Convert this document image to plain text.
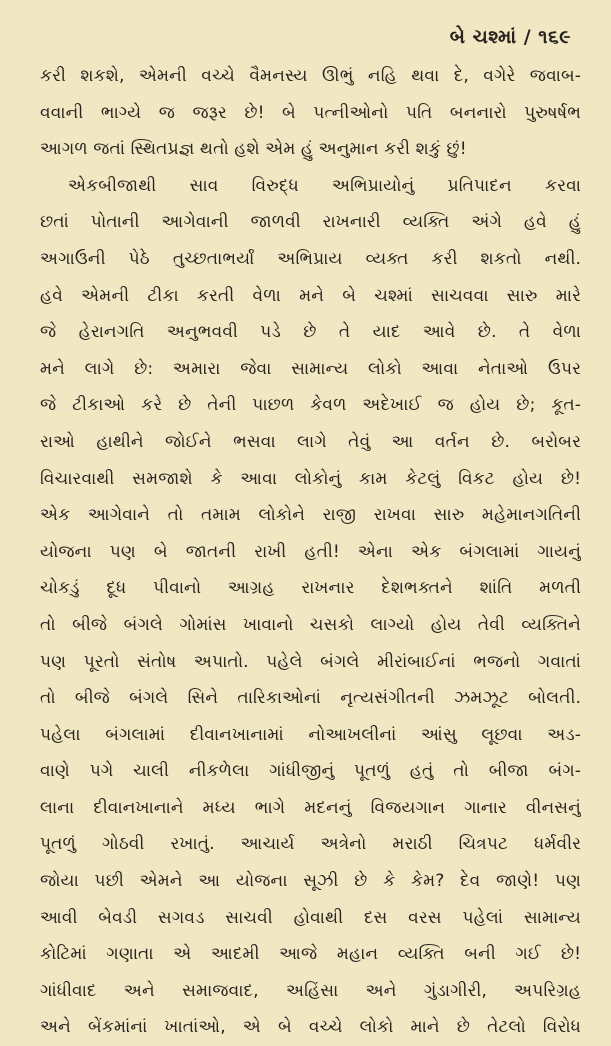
બે ચશ્માં / ૧૬૯
કરી શકશે, એમની વચ્ચે વૈમનસ્ય ઊભું નહિ થવા દે, વગેરે જવાબ-
વવાની ભાગ્યે જ જરૂર છે! બે પત્નીઓનો પતિ બનનારો પુરુષર્ષભ
આગળ જતાં સ્થિતપ્રજ્ઞ થતો હશે એમ હું અનુમાન કરી શકું છું!
એકબીજાથી સાવ વિરુદ્ધ અભિપ્રાયોનું પ્રતિપાદન કરવા
છતાં પોતાની આગેવાની જાળવી રાખનારી વ્યક્તિ અંગે હવે હું
અગાઉની પેઠે તુચ્છતાભર્યાં અભિપ્રાય વ્યક્ત કરી શકતો નથી.
હવે એમની ટીકા કરતી વેળા મને બે ચશ્માં સાચવવા સારુ મારે
જે હેરાનગતિ અનુભવવી પડે છે તે યાદ આવે છે. તે વેળા
મને લાગે છે: અમારા જેવા સામાન્ય લોકો આવા નેતાઓ ઉપર
જે ટીકાઓ કરે છે તેની પાછળ કેવળ અદેખાઈ જ હોય છે; કૂત-
રાઓ હાથીને જોઈને ભસવા લાગે તેવું આ વર્તન છે. બરોબર
વિચારવાથી સમજાશે કે આવા લોકોનું કામ કેટલું વિકટ હોય છે!
એક આગેવાને તો તમામ લોકોને રાજી રાખવા સારુ મહેમાનગતિની
યોજના પણ બે જાતની રાખી હતી! એના એક બંગલામાં ગાયનું
ચોકડું દૂધ પીવાનો આગ્રહ રાખનાર દેશભક્તને શાંતિ મળતી
તો બીજે બંગલે ગોમાંસ ખાવાનો ચસકો લાગ્યો હોય તેવી વ્યક્તિને
પણ પૂરતો સંતોષ અપાતો. પહેલે બંગલે મીરાંબાઈનાં ભજનો ગવાતાં
તો બીજે બંગલે સિને તારિકાઓનાં નૃત્યસંગીતની ઝમઝૂટ બોલતી.
પહેલા બંગલામાં દીવાનખાનામાં નોઆખલીનાં આંસુ લૂછવા અડ-
વાણે પગે ચાલી નીકળેલા ગાંધીજીનું પૂતળું હતું તો બીજા બંગ-
લાના દીવાનખાનાને મધ્ય ભાગે મદનનું વિજયગાન ગાનાર વીનસનું
પૂતળું ગોઠવી રખાતું. આચાર્ય અત્રેનો મરાઠી ચિત્રપટ ધર્મવીર
જોયા પછી એમને આ યોજના સૂઝી છે કે કેમ? દેવ જાણે! પણ
આવી બેવડી સગવડ સાચવી હોવાથી દસ વરસ પહેલાં સામાન્ય
કોટિમાં ગણાતા એ આદમી આજે મહાન વ્યક્તિ બની ગઈ છે!
ગાંધીવાદ અને સમાજવાદ, અહિંસા અને ગુંડાગીરી, અપરિગ્રહ
અને બેંકમાંનાં ખાતાંઓ, એ બે વચ્ચે લોકો માને છે તેટલો વિરોધ
